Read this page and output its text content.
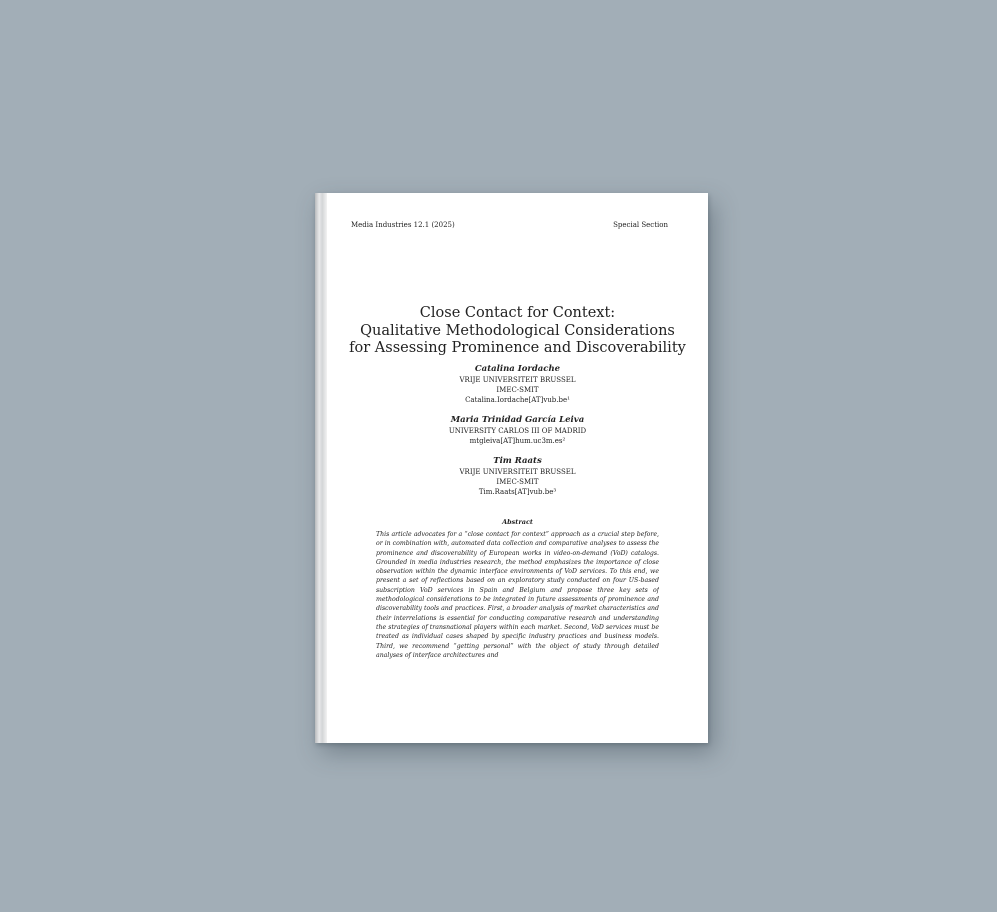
Media Industries 12.1 (2025)	Special Section
Close Contact for Context:
Qualitative Methodological Considerations
for Assessing Prominence and Discoverability
Catalina Iordache
VRIJE UNIVERSITEIT BRUSSEL
IMEC-SMIT
Catalina.Iordache[AT]vub.be¹
Maria Trinidad García Leiva
UNIVERSITY CARLOS III OF MADRID
mtgleiva[AT]hum.uc3m.es²
Tim Raats
VRIJE UNIVERSITEIT BRUSSEL
IMEC-SMIT
Tim.Raats[AT]vub.be³
Abstract
This article advocates for a “close contact for context” approach as a crucial step before, or in combination with, automated data collection and comparative analyses to assess the prominence and discoverability of European works in video-on-demand (VoD) catalogs. Grounded in media industries research, the method emphasizes the importance of close observation within the dynamic interface environments of VoD services. To this end, we present a set of reflections based on an exploratory study conducted on four US-based subscription VoD services in Spain and Belgium and propose three key sets of methodological considerations to be integrated in future assessments of prominence and discoverability tools and practices. First, a broader analysis of market characteristics and their interrelations is essential for conducting comparative research and understanding the strategies of transnational players within each market. Second, VoD services must be treated as individual cases shaped by specific industry practices and business models. Third, we recommend “getting personal” with the object of study through detailed analyses of interface architectures and
